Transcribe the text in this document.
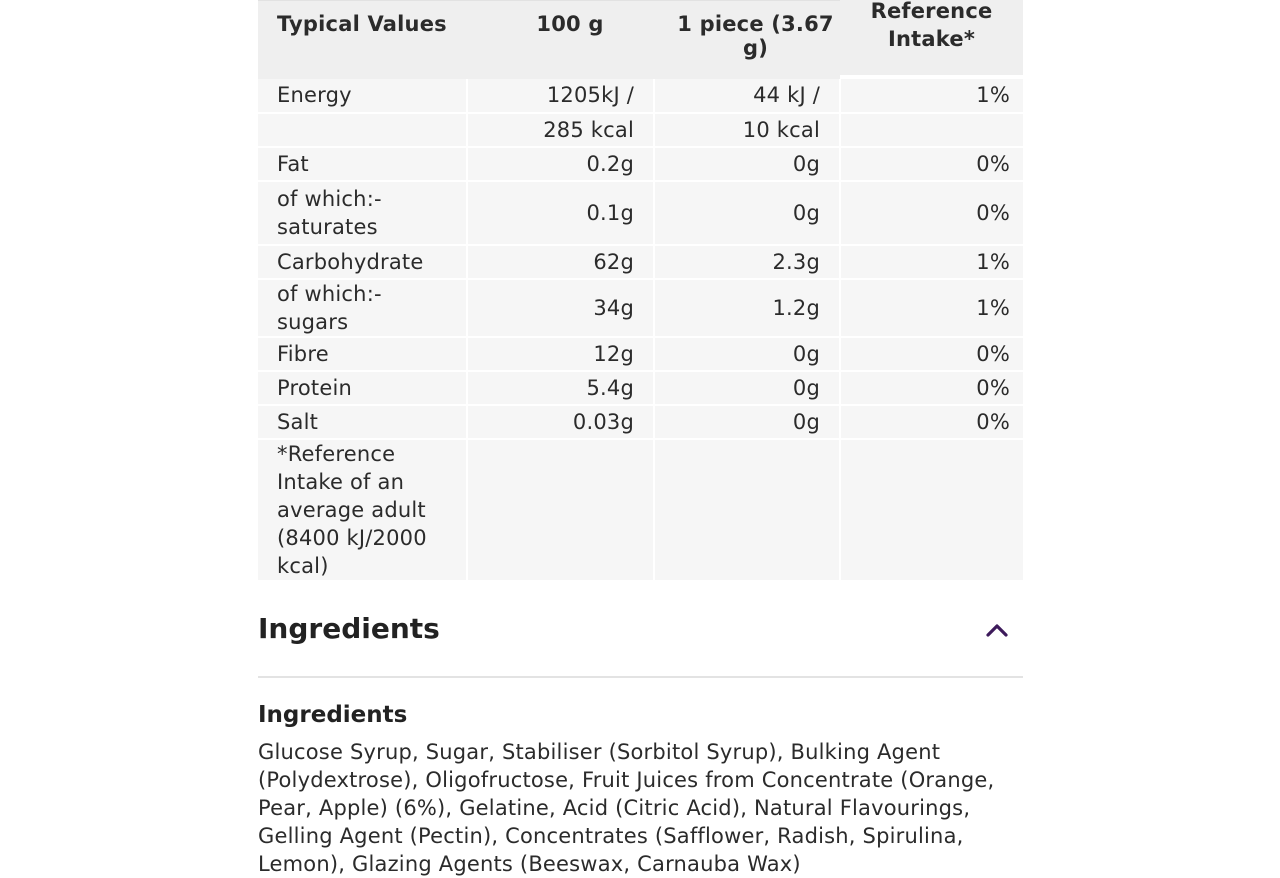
Typical Values	100 g	1 piece (3.67 g)	Reference
Intake*
Energy	1205kJ /	44 kJ /	1%
	285 kcal	10 kcal	
Fat	0.2g	0g	0%
of which:- saturates	0.1g	0g	0%
Carbohydrate	62g	2.3g	1%
of which:- sugars	34g	1.2g	1%
Fibre	12g	0g	0%
Protein	5.4g	0g	0%
Salt	0.03g	0g	0%
*Reference Intake of an average adult (8400 kJ/2000 kcal)			
Ingredients
Ingredients

Glucose Syrup, Sugar, Stabiliser (Sorbitol Syrup), Bulking Agent (Polydextrose), Oligofructose, Fruit Juices from Concentrate (Orange, Pear, Apple) (6%), Gelatine, Acid (Citric Acid), Natural Flavourings, Gelling Agent (Pectin), Concentrates (Safflower, Radish, Spirulina, Lemon), Glazing Agents (Beeswax, Carnauba Wax)
